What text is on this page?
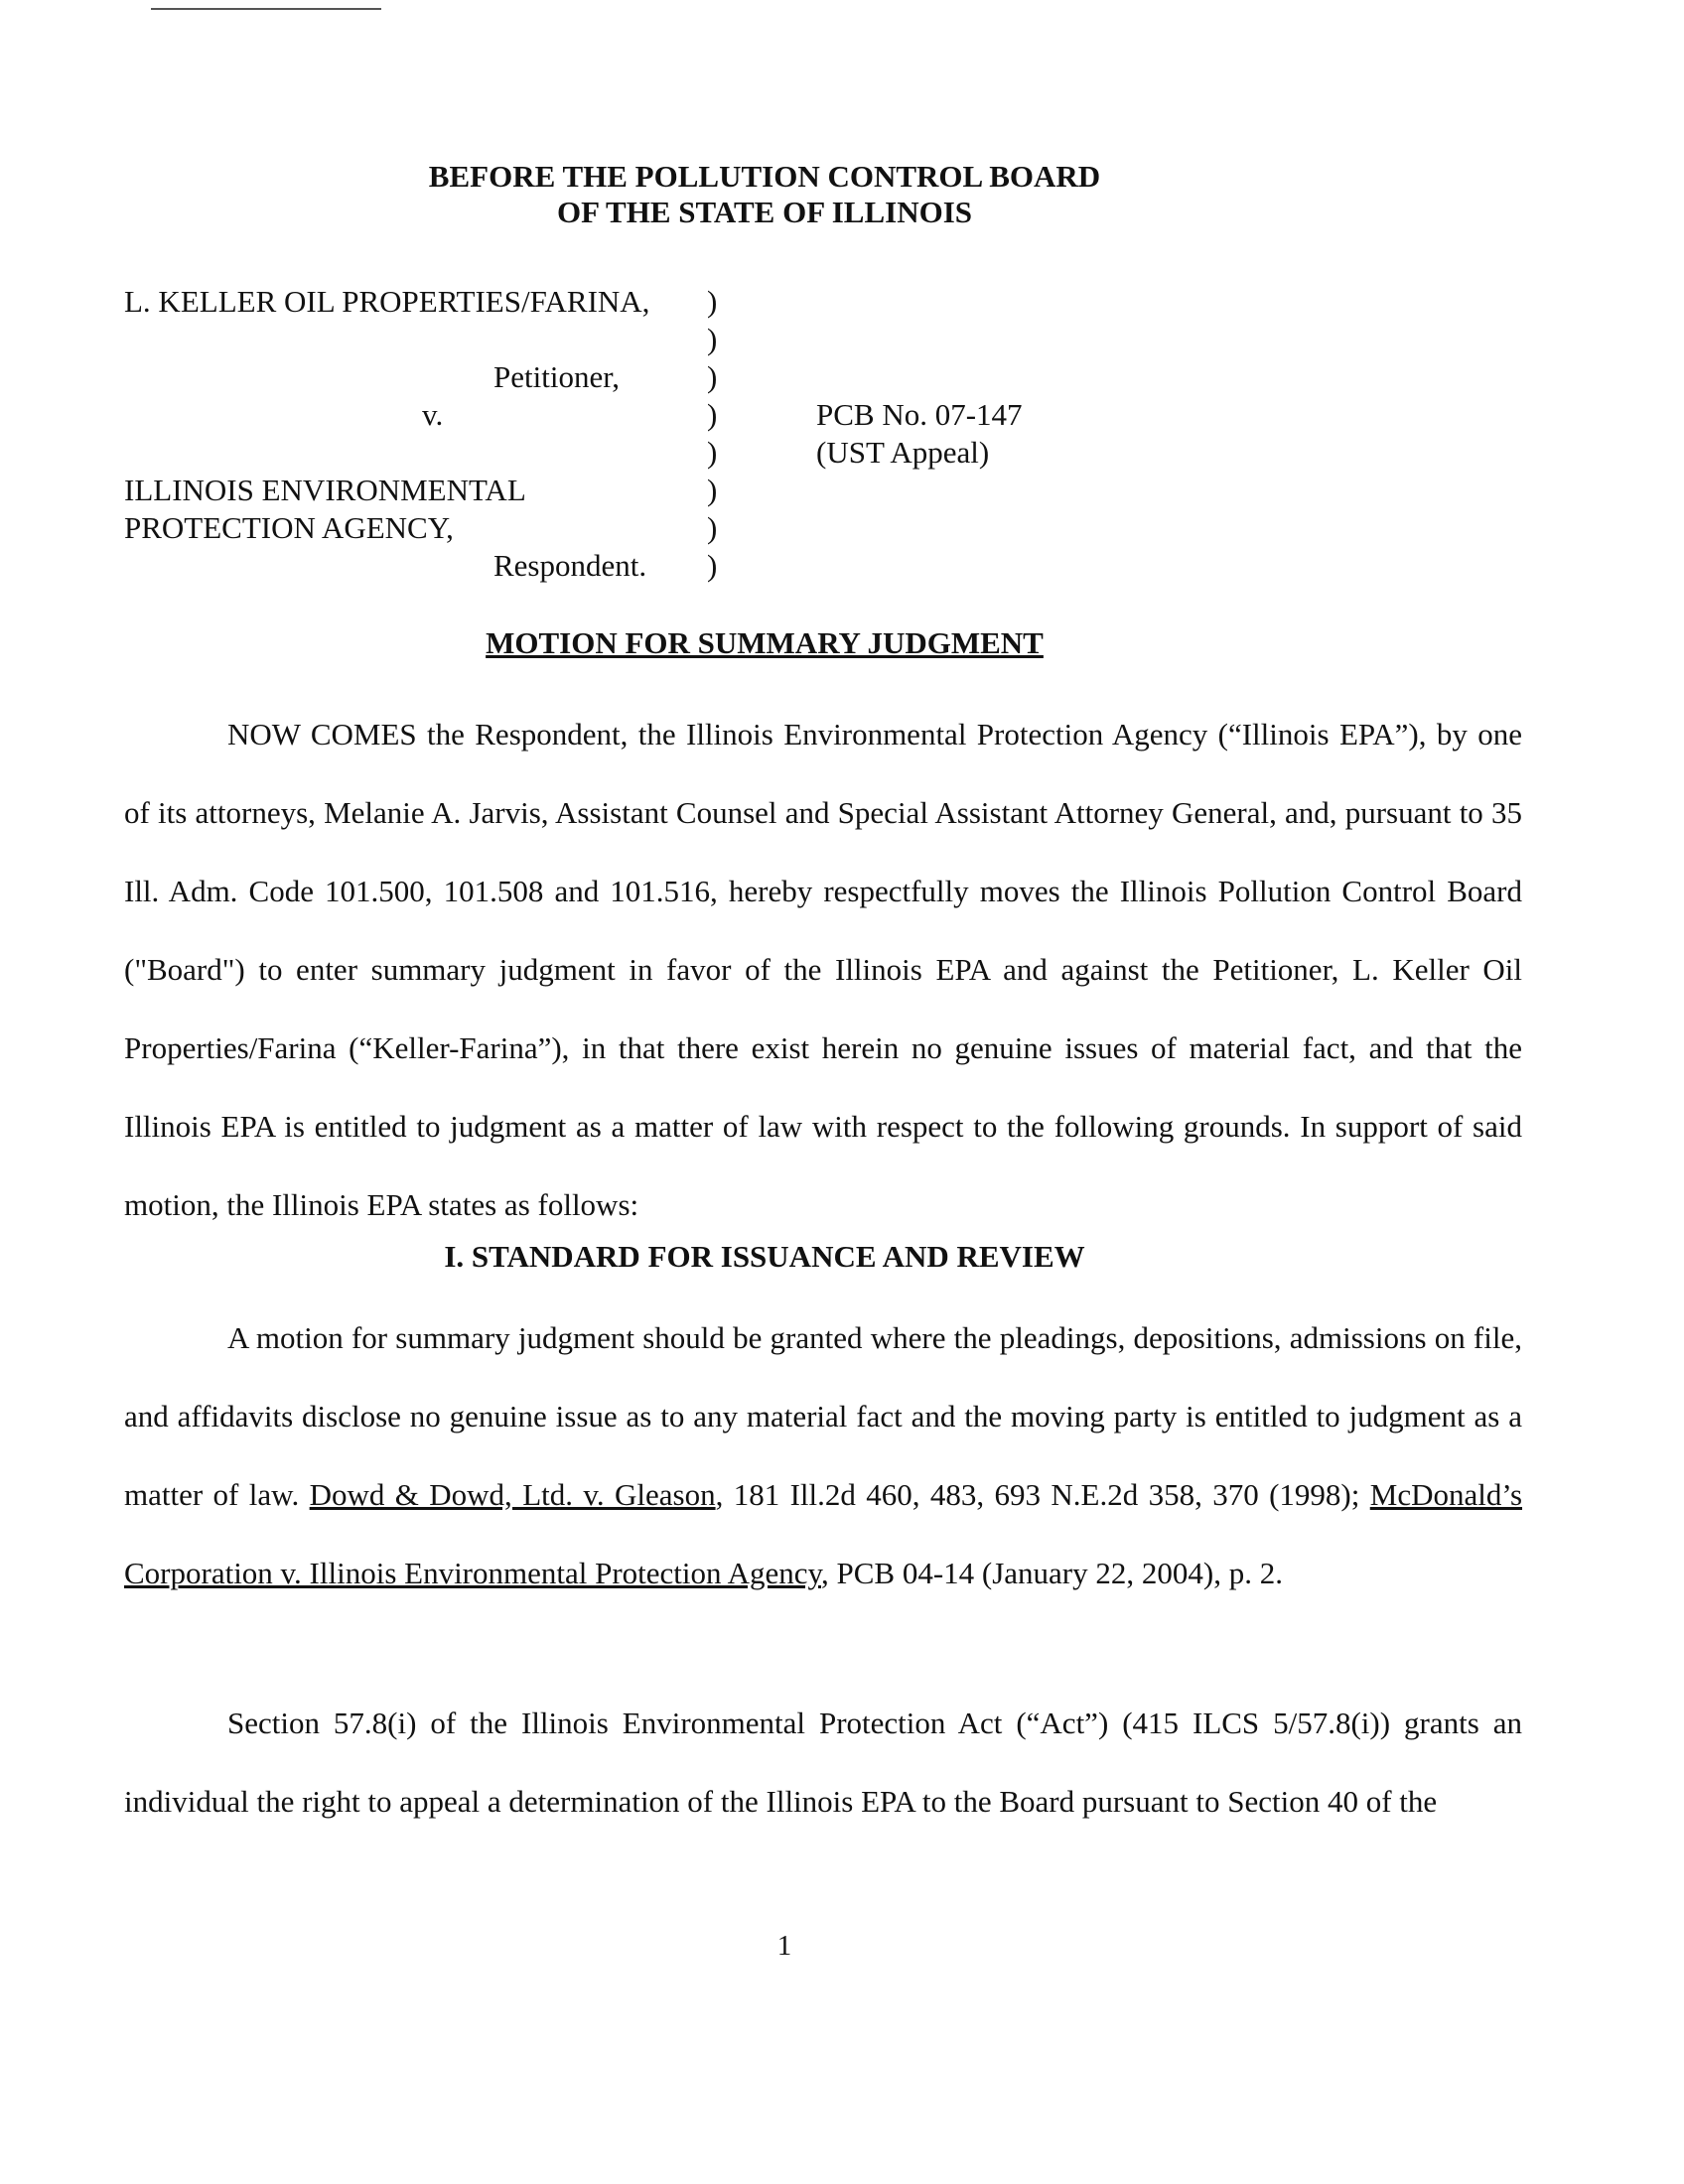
BEFORE THE POLLUTION CONTROL BOARD
OF THE STATE OF ILLINOIS
L. KELLER OIL PROPERTIES/FARINA,
Petitioner,
v.
ILLINOIS ENVIRONMENTAL
PROTECTION AGENCY,
Respondent.
)
)
)
)
)
)
)
)
PCB No. 07-147
(UST Appeal)
MOTION FOR SUMMARY JUDGMENT

NOW COMES the Respondent, the Illinois Environmental Protection Agency (“Illinois EPA”), by one of its attorneys, Melanie A. Jarvis, Assistant Counsel and Special Assistant Attorney General, and, pursuant to 35 Ill. Adm. Code 101.500, 101.508 and 101.516, hereby respectfully moves the Illinois Pollution Control Board ("Board") to enter summary judgment in favor of the Illinois EPA and against the Petitioner, L. Keller Oil Properties/Farina (“Keller-Farina”), in that there exist herein no genuine issues of material fact, and that the Illinois EPA is entitled to judgment as a matter of law with respect to the following grounds. In support of said motion, the Illinois EPA states as follows:

I. STANDARD FOR ISSUANCE AND REVIEW

A motion for summary judgment should be granted where the pleadings, depositions, admissions on file, and affidavits disclose no genuine issue as to any material fact and the moving party is entitled to judgment as a matter of law. Dowd & Dowd, Ltd. v. Gleason, 181 Ill.2d 460, 483, 693 N.E.2d 358, 370 (1998); McDonald’s Corporation v. Illinois Environmental Protection Agency, PCB 04-14 (January 22, 2004), p. 2.

Section 57.8(i) of the Illinois Environmental Protection Act (“Act”) (415 ILCS 5/57.8(i)) grants an individual the right to appeal a determination of the Illinois EPA to the Board pursuant to Section 40 of the

1
